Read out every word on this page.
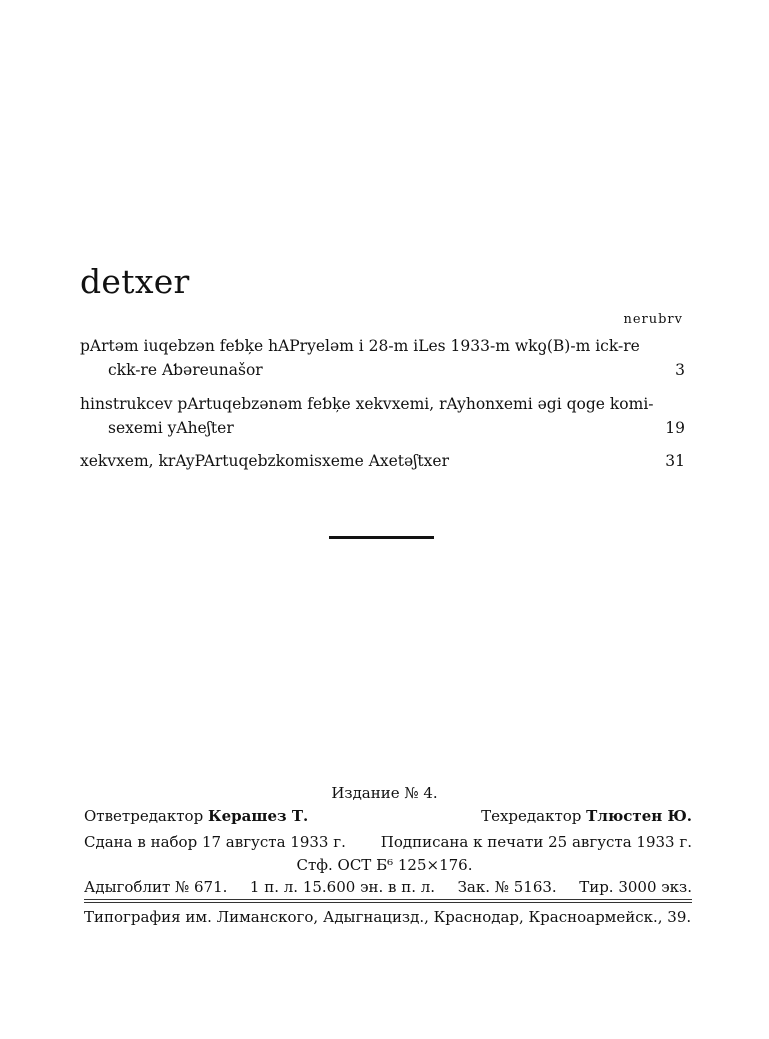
detxer
nerubrv
pArtəm iuqebzən feƅķe hAPryeləm i 28-m iLes 1933-m wkƍ(B)-m ick-re
ckk-re Aƅəreunašor	3
hinstrukcev pArtuqebzənəm feƅķe xekvxemi, rAyhonxemi əgi qoge komi-
sexemi yAheʃter	19
xekvxem, krAyPArtuqebzkomisxeme Axetəʃtxer	31
Издание № 4.
Ответредактор Керашез Т.	Техредактор Тлюстен Ю.
Сдана в набор 17 августа 1933 г. Подписана к печати 25 августа 1933 г.
Стф. ОСТ Б⁶ 125×176.
Адыгоблит № 671. 1 п. л. 15.600 эн. в п. л. Зак. № 5163. Тир. 3000 экз.
Типография им. Лиманского, Адыгнацизд., Краснодар, Красноармейск., 39.
